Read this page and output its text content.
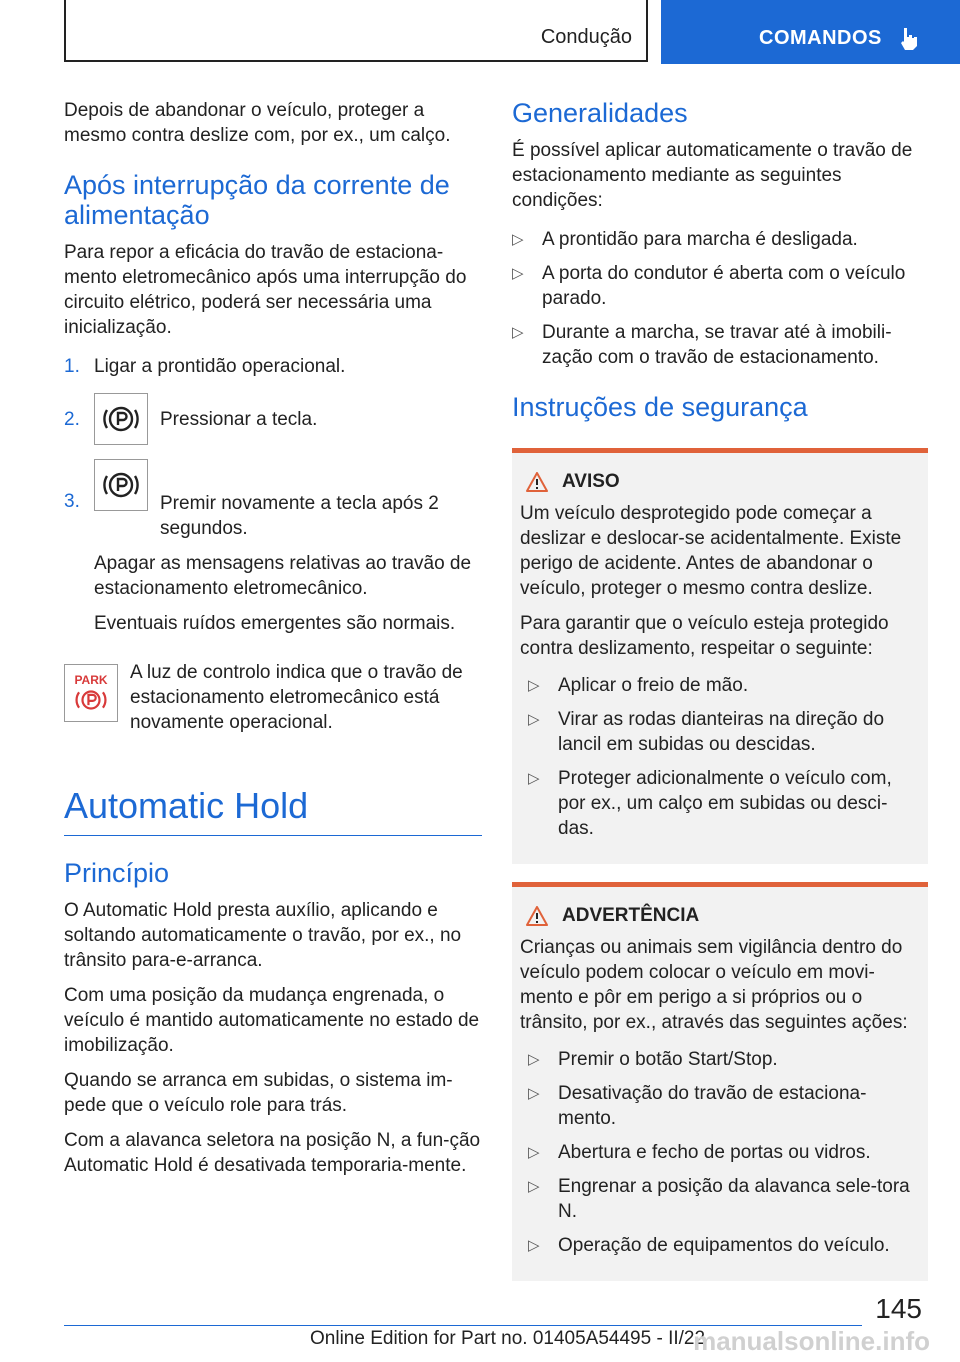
Condução	COMANDOS

Depois de abandonar o veículo, proteger a mesmo contra deslize com, por ex., um calço.

Após interrupção da corrente de alimentação

Para repor a eficácia do travão de estaciona-mento eletromecânico após uma interrupção do circuito elétrico, poderá ser necessária uma inicialização.

1. Ligar a prontidão operacional.
2.	Pressionar a tecla.
3.	Premir novamente a tecla após 2 segundos.

Apagar as mensagens relativas ao travão de estacionamento eletromecânico.

Eventuais ruídos emergentes são normais.

PARK A luz de controlo indica que o travão de estacionamento eletromecânico está novamente operacional.

Automatic Hold
Princípio

O Automatic Hold presta auxílio, aplicando e soltando automaticamente o travão, por ex., no trânsito para-e-arranca.

Com uma posição da mudança engrenada, o veículo é mantido automaticamente no estado de imobilização.

Quando se arranca em subidas, o sistema im-pede que o veículo role para trás.

Com a alavanca seletora na posição N, a fun-ção Automatic Hold é desativada temporaria-mente.

Generalidades

É possível aplicar automaticamente o travão de estacionamento mediante as seguintes condições:

▷ A prontidão para marcha é desligada.
▷ A porta do condutor é aberta com o veículo parado.
▷ Durante a marcha, se travar até à imobili-zação com o travão de estacionamento.
Instruções de segurança
AVISO

Um veículo desprotegido pode começar a deslizar e deslocar-se acidentalmente. Existe perigo de acidente. Antes de abandonar o veículo, proteger o mesmo contra deslize.

Para garantir que o veículo esteja protegido contra deslizamento, respeitar o seguinte:

▷ Aplicar o freio de mão.
▷ Virar as rodas dianteiras na direção do lancil em subidas ou descidas.
▷ Proteger adicionalmente o veículo com, por ex., um calço em subidas ou desci-das.
ADVERTÊNCIA

Crianças ou animais sem vigilância dentro do veículo podem colocar o veículo em movi-mento e pôr em perigo a si próprios ou o trânsito, por ex., através das seguintes ações:

▷ Premir o botão Start/Stop.
▷ Desativação do travão de estaciona-mento.
▷ Abertura e fecho de portas ou vidros.
▷ Engrenar a posição da alavanca sele-tora N.
▷ Operação de equipamentos do veículo.
145
Online Edition for Part no. 01405A54495 - II/22
manualsonline.info
